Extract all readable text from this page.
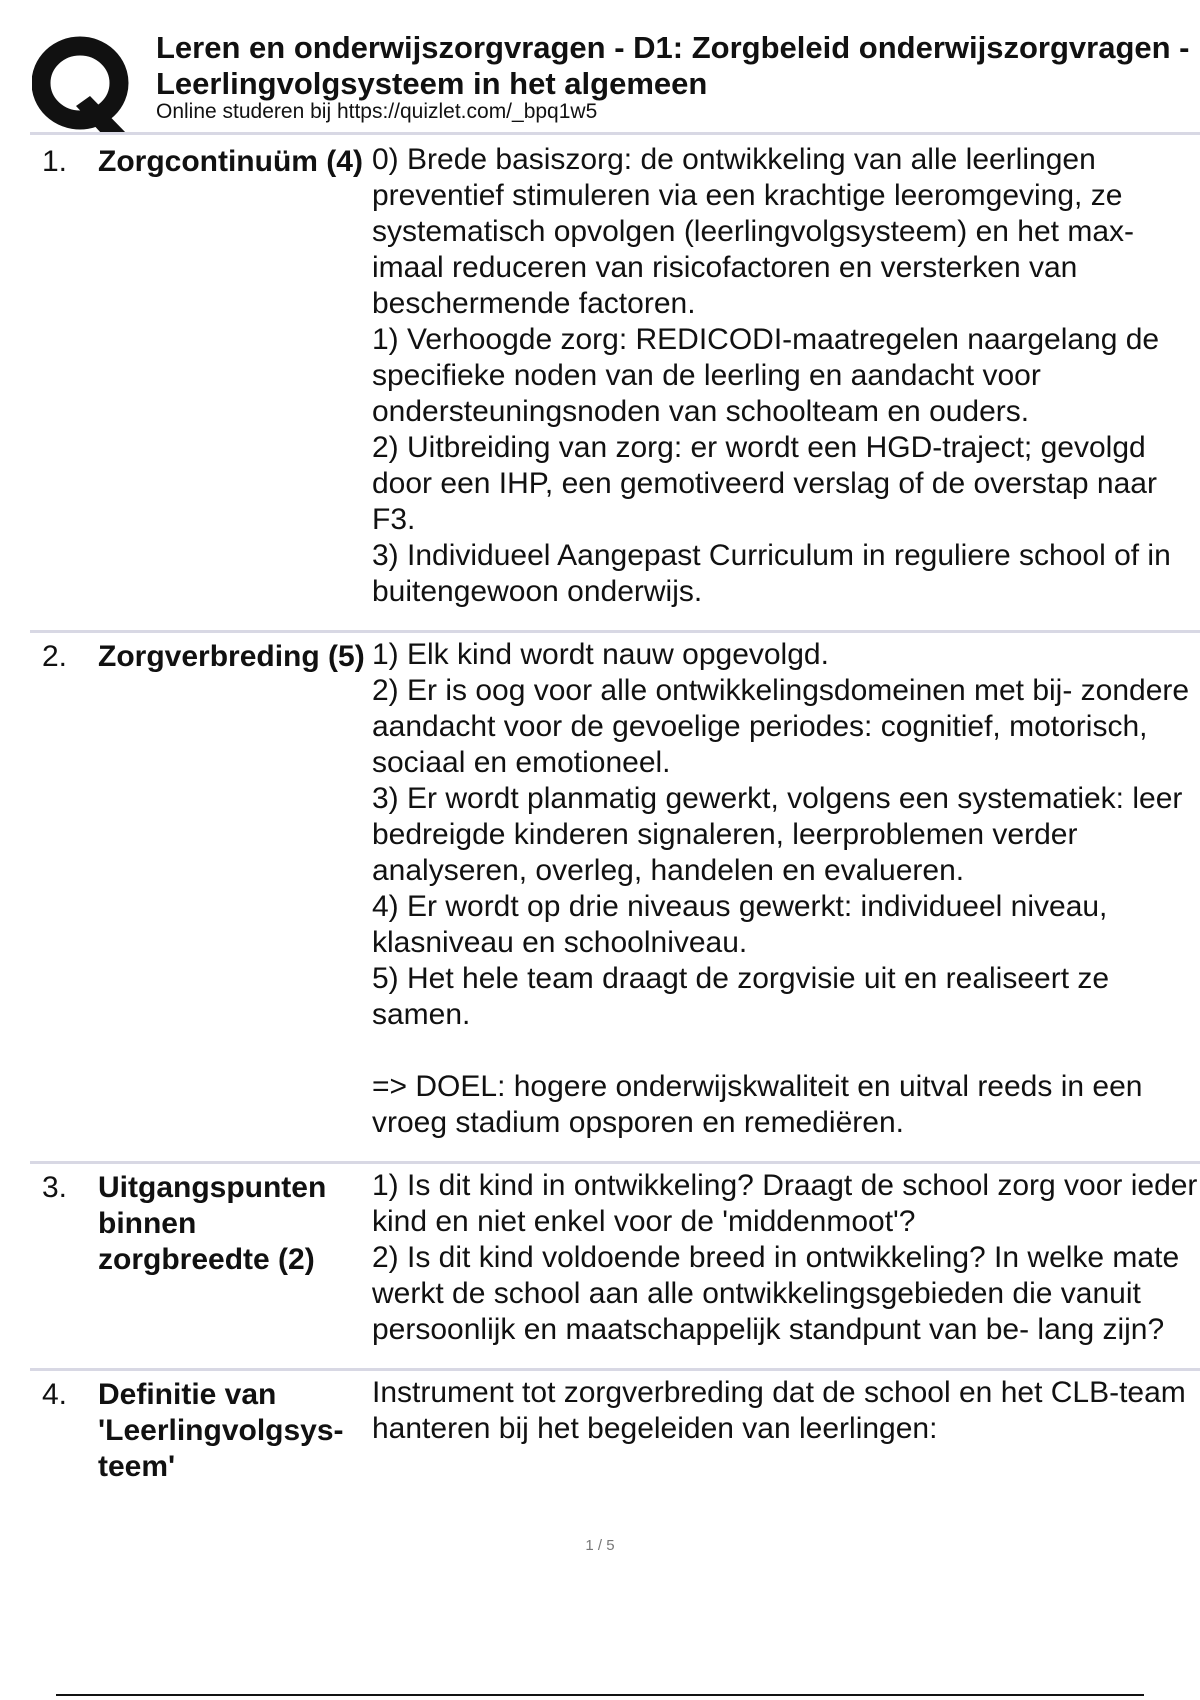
Leren en onderwijszorgvragen - D1: Zorgbeleid onderwijszorgvragen - Leerlingvolgsysteem in het algemeen
Online studeren bij https://quizlet.com/_bpq1w5
1. Zorgcontinuüm (4) 0) Brede basiszorg: de ontwikkeling van alle leerlingen preventief stimuleren via een krachtige leeromgeving, ze systematisch opvolgen (leerlingvolgsysteem) en het max- imaal reduceren van risicofactoren en versterken van beschermende factoren.
1) Verhoogde zorg: REDICODI-maatregelen naargelang de specifieke noden van de leerling en aandacht voor ondersteuningsnoden van schoolteam en ouders.
2) Uitbreiding van zorg: er wordt een HGD-traject; gevolgd door een IHP, een gemotiveerd verslag of de overstap naar F3.
3) Individueel Aangepast Curriculum in reguliere school of in buitengewoon onderwijs.
2. Zorgverbreding (5) 1) Elk kind wordt nauw opgevolgd.
2) Er is oog voor alle ontwikkelingsdomeinen met bij- zondere aandacht voor de gevoelige periodes: cognitief, motorisch, sociaal en emotioneel.
3) Er wordt planmatig gewerkt, volgens een systematiek: leer bedreigde kinderen signaleren, leerproblemen verder analyseren, overleg, handelen en evalueren.
4) Er wordt op drie niveaus gewerkt: individueel niveau, klasniveau en schoolniveau.
5) Het hele team draagt de zorgvisie uit en realiseert ze samen.

=> DOEL: hogere onderwijskwaliteit en uitval reeds in een vroeg stadium opsporen en remediëren.
3. Uitgangspunten binnen zorgbreedte (2)
1) Is dit kind in ontwikkeling? Draagt de school zorg voor ieder kind en niet enkel voor de 'middenmoot'?
2) Is dit kind voldoende breed in ontwikkeling? In welke mate werkt de school aan alle ontwikkelingsgebieden die vanuit persoonlijk en maatschappelijk standpunt van be- lang zijn?
4. Definitie van 'Leerlingvolgsys- teem'
Instrument tot zorgverbreding dat de school en het CLB-team hanteren bij het begeleiden van leerlingen:
1 / 5
